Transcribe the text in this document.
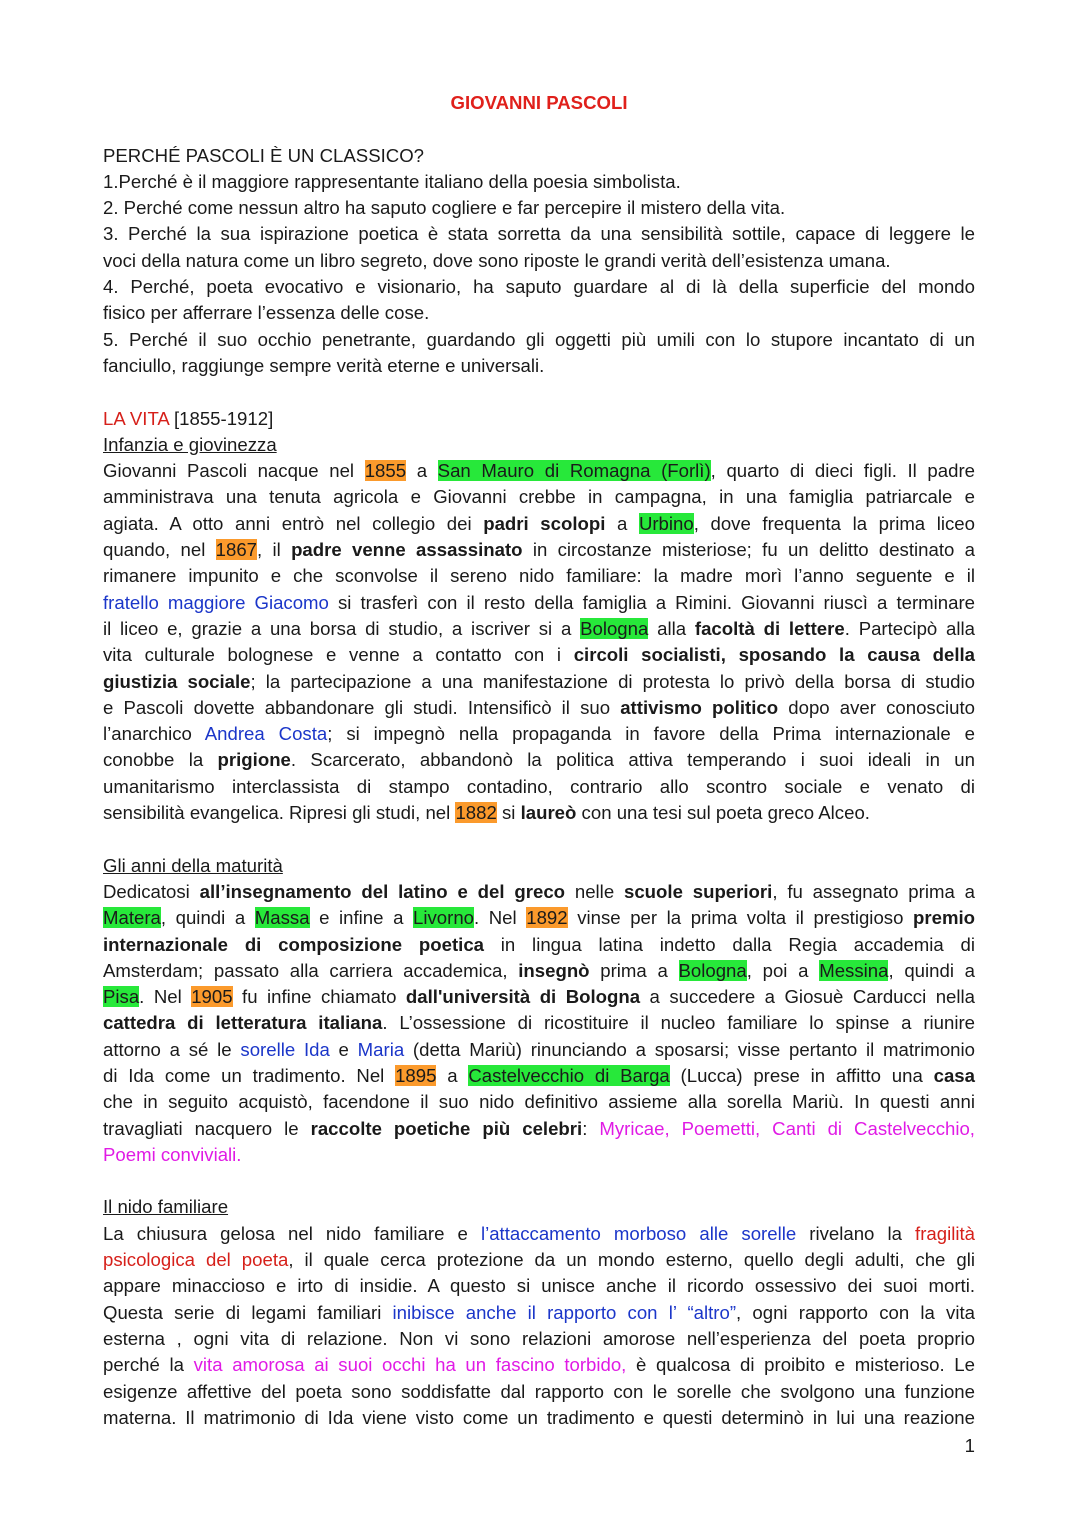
GIOVANNI PASCOLI
PERCHÉ PASCOLI È UN CLASSICO?
1.Perché è il maggiore rappresentante italiano della poesia simbolista.
2. Perché come nessun altro ha saputo cogliere e far percepire il mistero della vita.
3. Perché la sua ispirazione poetica è stata sorretta da una sensibilità sottile, capace di leggere le
voci della natura come un libro segreto, dove sono riposte le grandi verità dell’esistenza umana.
4. Perché, poeta evocativo e visionario, ha saputo guardare al di là della superficie del mondo
fisico per afferrare l’essenza delle cose.
5. Perché il suo occhio penetrante, guardando gli oggetti più umili con lo stupore incantato di un
fanciullo, raggiunge sempre verità eterne e universali.
LA VITA [1855-1912]
Infanzia e giovinezza
Giovanni Pascoli nacque nel 1855 a San Mauro di Romagna (Forlì), quarto di dieci figli. Il padre
amministrava una tenuta agricola e Giovanni crebbe in campagna, in una famiglia patriarcale e
agiata. A otto anni entrò nel collegio dei padri scolopi a Urbino, dove frequenta la prima liceo
quando, nel 1867, il padre venne assassinato in circostanze misteriose; fu un delitto destinato a
rimanere impunito e che sconvolse il sereno nido familiare: la madre morì l’anno seguente e il
fratello maggiore Giacomo si trasferì con il resto della famiglia a Rimini. Giovanni riuscì a terminare
il liceo e, grazie a una borsa di studio, a iscriver si a Bologna alla facoltà di lettere. Partecipò alla
vita culturale bolognese e venne a contatto con i circoli socialisti, sposando la causa della
giustizia sociale; la partecipazione a una manifestazione di protesta lo privò della borsa di studio
e Pascoli dovette abbandonare gli studi. Intensificò il suo attivismo politico dopo aver conosciuto
l’anarchico Andrea Costa; si impegnò nella propaganda in favore della Prima internazionale e
conobbe la prigione. Scarcerato, abbandonò la politica attiva temperando i suoi ideali in un
umanitarismo interclassista di stampo contadino, contrario allo scontro sociale e venato di
sensibilità evangelica. Ripresi gli studi, nel 1882 si laureò con una tesi sul poeta greco Alceo.
Gli anni della maturità
Dedicatosi all’insegnamento del latino e del greco nelle scuole superiori, fu assegnato prima a
Matera, quindi a Massa e infine a Livorno. Nel 1892 vinse per la prima volta il prestigioso premio
internazionale di composizione poetica in lingua latina indetto dalla Regia accademia di
Amsterdam; passato alla carriera accademica, insegnò prima a Bologna, poi a Messina, quindi a
Pisa. Nel 1905 fu infine chiamato dall'università di Bologna a succedere a Giosuè Carducci nella
cattedra di letteratura italiana. L’ossessione di ricostituire il nucleo familiare lo spinse a riunire
attorno a sé le sorelle Ida e Maria (detta Mariù) rinunciando a sposarsi; visse pertanto il matrimonio
di Ida come un tradimento. Nel 1895 a Castelvecchio di Barga (Lucca) prese in affitto una casa
che in seguito acquistò, facendone il suo nido definitivo assieme alla sorella Mariù. In questi anni
travagliati nacquero le raccolte poetiche più celebri: Myricae, Poemetti, Canti di Castelvecchio,
Poemi conviviali.
Il nido familiare
La chiusura gelosa nel nido familiare e l’attaccamento morboso alle sorelle rivelano la fragilità
psicologica del poeta, il quale cerca protezione da un mondo esterno, quello degli adulti, che gli
appare minaccioso e irto di insidie. A questo si unisce anche il ricordo ossessivo dei suoi morti.
Questa serie di legami familiari inibisce anche il rapporto con l’ “altro”, ogni rapporto con la vita
esterna , ogni vita di relazione. Non vi sono relazioni amorose nell’esperienza del poeta proprio
perché la vita amorosa ai suoi occhi ha un fascino torbido, è qualcosa di proibito e misterioso. Le
esigenze affettive del poeta sono soddisfatte dal rapporto con le sorelle che svolgono una funzione
materna. Il matrimonio di Ida viene visto come un tradimento e questi determinò in lui una reazione
1
